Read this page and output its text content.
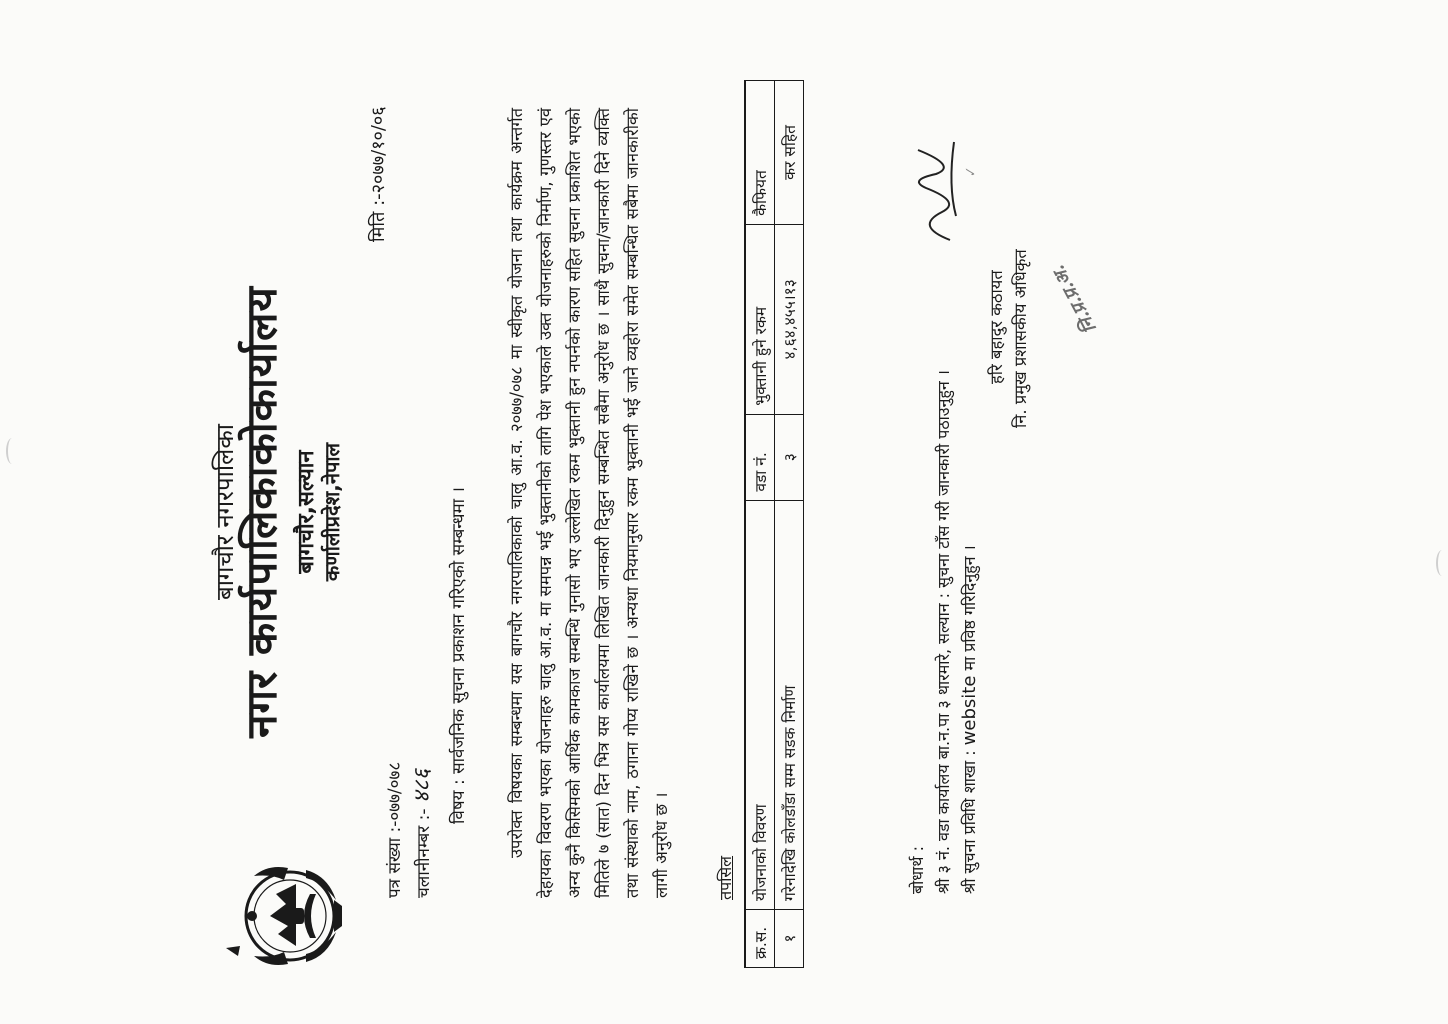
बागचौर नगरपालिका
नगर कार्यपालिकाकोकार्यालय बागचौर,सल्यान कर्णालीप्रदेश,नेपाल
पत्र संख्या :-०७७/०७८ चलानीनम्बर :- ४८६
मिति :-२०७७/१०/०६
विषय : सार्वजनिक सुचना प्रकाशन गरिएको सम्बन्धमा ।	उपरोक्त विषयका सम्बन्धमा यस बागचौर नगरपालिकाको चालु आ.व. २०७७/०७८ मा स्वीकृत योजना तथा कार्यक्रम अन्तर्गत देहायका विवरण भएका योजनाहरु चालु आ.व. मा समपन्न भई भुक्तानीको लागि पेश भएकाले उक्त योजनाहरुको निर्माण, गुणस्तर एवं अन्य कुनै किसिमको आर्थिक कामकाज सम्बन्धि गुनासो भए उल्लेखित रकम भुक्तानी हुन नपर्नको कारण सहित सुचना प्रकाशित भएको मितिले ७ (सात) दिन भित्र यस कार्यालयमा लिखित जानकारी दिनुहुन सम्बन्धित सबैमा अनुरोध छ । साथै सुचना/जानकारी दिने व्यक्ति तथा संस्थाको नाम, ठगाना गोप्य राखिने छ । अन्यथा नियमानुसार रकम भुक्तानी भई जाने व्यहोरा समेत सम्बन्धित सबैमा जानकारीको लागी अनुरोध छ ।	तपसिल
क्र.स.	योजनाको विवरण	वडा नं.	भुक्तानी हुने रकम	कैफियत
१	गरेनादेखि कोलडाँडा सम्म सडक निर्माण	३	४,६४,४५५।१३	कर सहित	✓
नि.प्र.प्र.अ.
हरि बहादुर कठायत नि. प्रमुख प्रशासकीय अधिकृत
बोधार्थ : श्री ३ नं. वडा कार्यालय बा.न.पा ३ थारमारे, सल्यान : सुचना टाँस गरी जानकारी पठाउनुहुन । श्री सुचना प्रविधि शाखा : website मा प्रविष्ठ गरिदिनुहुन ।
